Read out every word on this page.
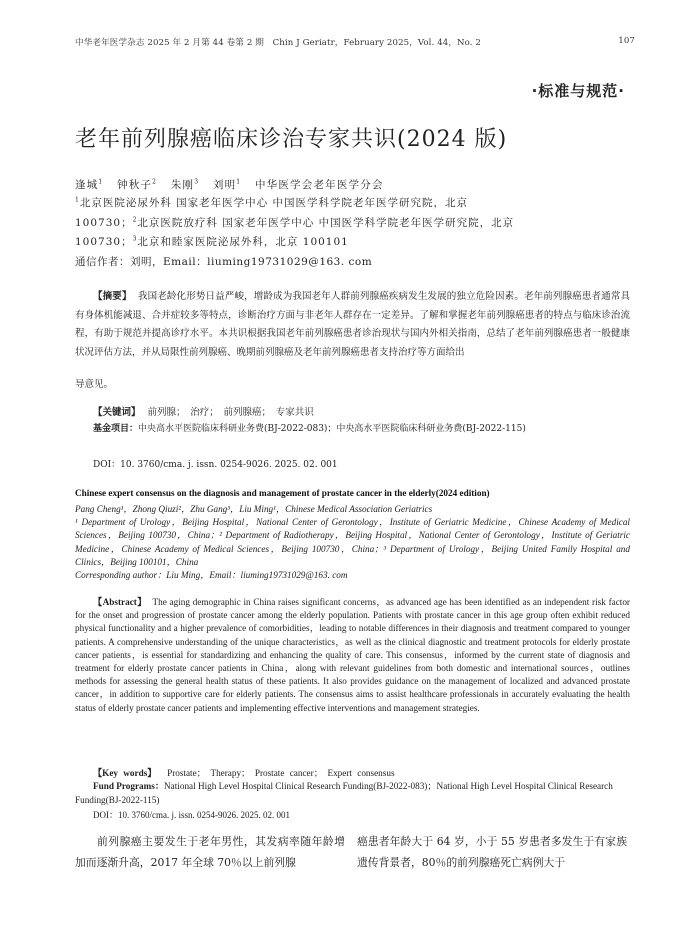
中华老年医学杂志 2025 年 2 月第 44 卷第 2 期　Chin J Geriatr，February 2025，Vol. 44，No. 2	107
·标准与规范·
老年前列腺癌临床诊治专家共识(2024 版)
逢城$^1$ 钟秋子$^2$ 朱刚$^3$ 刘明$^1$ 中华医学会老年医学分会

$^1$北京医院泌尿外科 国家老年医学中心 中国医学科学院老年医学研究院，北京

100730；$^2$北京医院放疗科 国家老年医学中心 中国医学科学院老年医学研究院，北京

100730；$^3$北京和睦家医院泌尿外科，北京 100101

通信作者：刘明，Email：liuming19731029@163. com

【摘要】 我国老龄化形势日益严峻，增龄成为我国老年人群前列腺癌疾病发生发展的独立危险因素。老年前列腺癌患者通常具有身体机能减退、合并症较多等特点，诊断治疗方面与非老年人群存在一定差异。了解和掌握老年前列腺癌患者的特点与临床诊治流程，有助于规范并提高诊疗水平。本共识根据我国老年前列腺癌患者诊治现状与国内外相关指南，总结了老年前列腺癌患者一般健康状况评估方法，并从局限性前列腺癌、晚期前列腺癌及老年前列腺癌患者支持治疗等方面给出

导意见。

【关键词】 前列腺；　治疗；　前列腺癌；　专家共识

基金项目：中央高水平医院临床科研业务费(BJ-2022-083)；中央高水平医院临床科研业务费(BJ-2022-115)

DOI：10. 3760/cma. j. issn. 0254-9026. 2025. 02. 001
Chinese expert consensus on the diagnosis and management of prostate cancer in the elderly(2024 edition)

Pang Cheng¹，Zhong Qiuzi²，Zhu Gang³，Liu Ming¹，Chinese Medical Association Geriatrics

¹ Department of Urology，Beijing Hospital，National Center of Gerontology，Institute of Geriatric Medicine，Chinese Academy of Medical Sciences，Beijing 100730，China；² Department of Radiotherapy，Beijing Hospital，National Center of Gerontology，Institute of Geriatric Medicine，Chinese Academy of Medical Sciences，Beijing 100730，China；³ Department of Urology，Beijing United Family Hospital and Clinics，Beijing 100101，China

Corresponding author：Liu Ming，Email：liuming19731029@163. com

【Abstract】 The aging demographic in China raises significant concerns，as advanced age has been identified as an independent risk factor for the onset and progression of prostate cancer among the elderly population. Patients with prostate cancer in this age group often exhibit reduced physical functionality and a higher prevalence of comorbidities，leading to notable differences in their diagnosis and treatment compared to younger patients. A comprehensive understanding of the unique characteristics，as well as the clinical diagnostic and treatment protocols for elderly prostate cancer patients，is essential for standardizing and enhancing the quality of care. This consensus，informed by the current state of diagnosis and treatment for elderly prostate cancer patients in China，along with relevant guidelines from both domestic and international sources，outlines methods for assessing the general health status of these patients. It also provides guidance on the management of localized and advanced prostate cancer，in addition to supportive care for elderly patients. The consensus aims to assist healthcare professionals in accurately evaluating the health status of elderly prostate cancer patients and implementing effective interventions and management strategies.

【Key words】 Prostate；　Therapy；　Prostate cancer；　Expert consensus

Fund Programs：National High Level Hospital Clinical Research Funding(BJ-2022-083)；National High Level Hospital Clinical Research Funding(BJ-2022-115)

DOI：10. 3760/cma. j. issn. 0254-9026. 2025. 02. 001

前列腺癌主要发生于老年男性，其发病率随年龄增加而逐渐升高，2017 年全球 70％以上前列腺

癌患者年龄大于 64 岁，小于 55 岁患者多发生于有家族遗传背景者，80％的前列腺癌死亡病例大于
